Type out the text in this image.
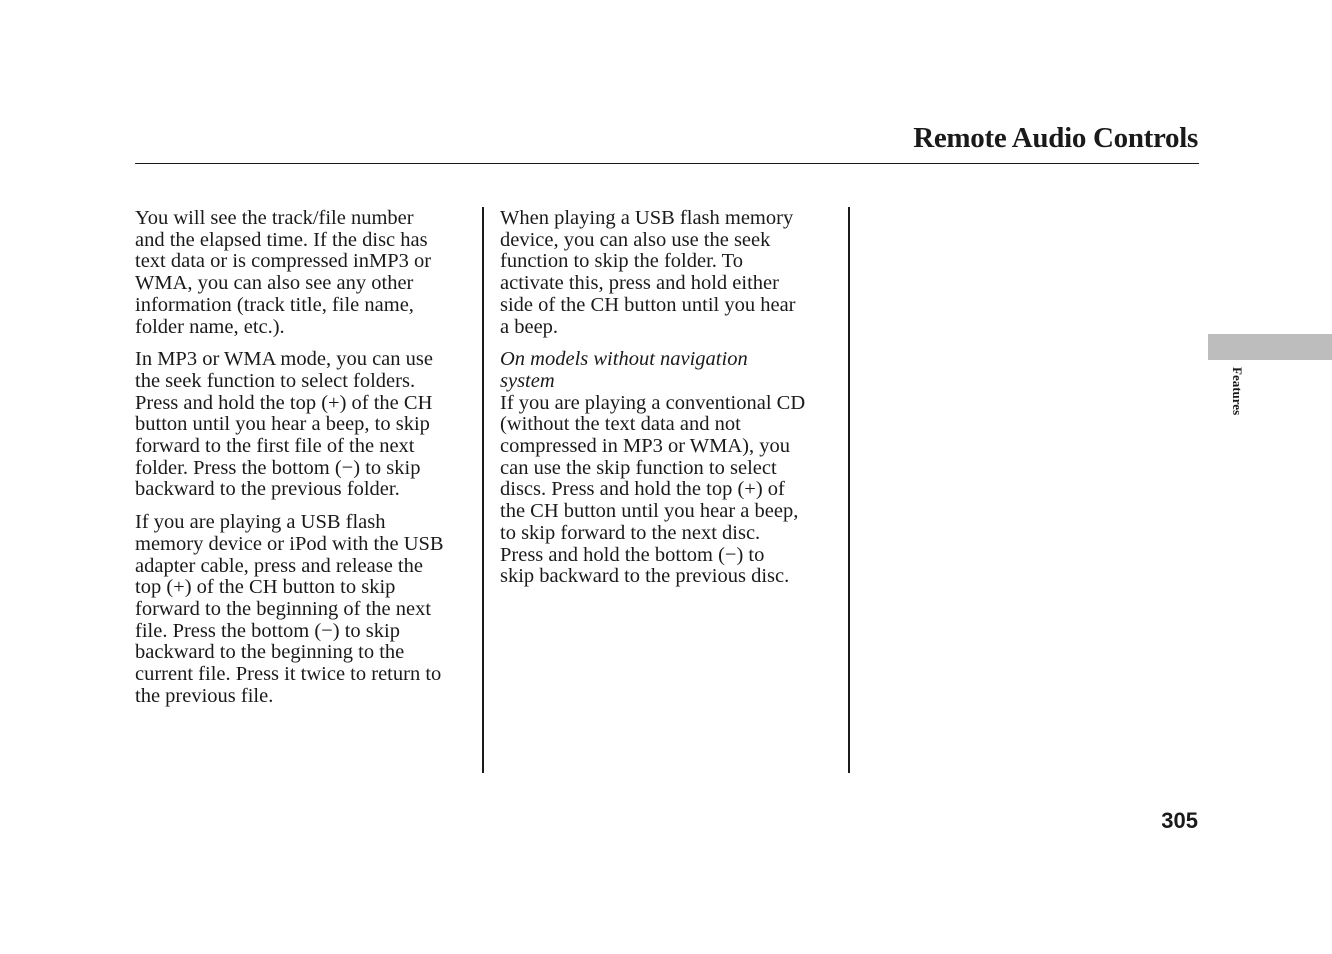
Remote Audio Controls

You will see the track/file number
and the elapsed time. If the disc has
text data or is compressed inMP3 or
WMA, you can also see any other
information (track title, file name,
folder name, etc.).

In MP3 or WMA mode, you can use
the seek function to select folders.
Press and hold the top (+) of the CH
button until you hear a beep, to skip
forward to the first file of the next
folder. Press the bottom (−) to skip
backward to the previous folder.

If you are playing a USB flash
memory device or iPod with the USB
adapter cable, press and release the
top (+) of the CH button to skip
forward to the beginning of the next
file. Press the bottom (−) to skip
backward to the beginning to the
current file. Press it twice to return to
the previous file.

When playing a USB flash memory
device, you can also use the seek
function to skip the folder. To
activate this, press and hold either
side of the CH button until you hear
a beep.

On models without navigation
system

If you are playing a conventional CD
(without the text data and not
compressed in MP3 or WMA), you
can use the skip function to select
discs. Press and hold the top (+) of
the CH button until you hear a beep,
to skip forward to the next disc.
Press and hold the bottom (−) to
skip backward to the previous disc.

Features
305
